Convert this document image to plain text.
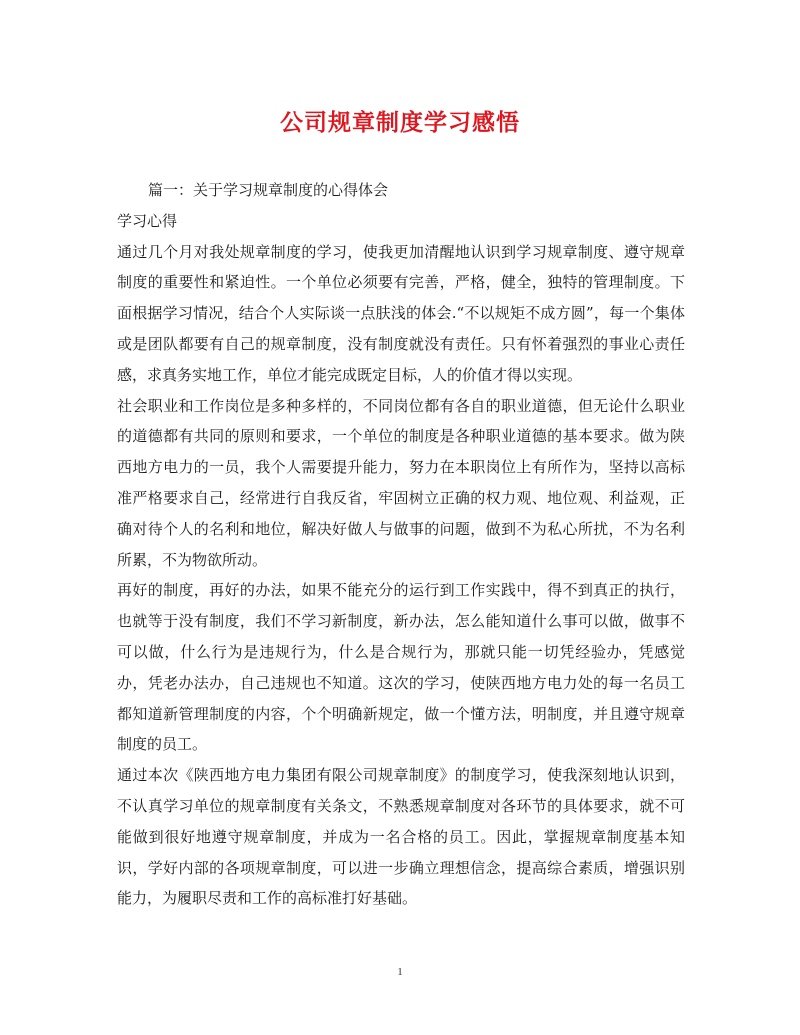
公司规章制度学习感悟

篇一：关于学习规章制度的心得体会

学习心得

通过几个月对我处规章制度的学习，使我更加清醒地认识到学习规章制度、遵守规章制度的重要性和紧迫性。一个单位必须要有完善，严格，健全，独特的管理制度。下面根据学习情况，结合个人实际谈一点肤浅的体会.“不以规矩不成方圆”，每一个集体或是团队都要有自己的规章制度，没有制度就没有责任。只有怀着强烈的事业心责任感，求真务实地工作，单位才能完成既定目标，人的价值才得以实现。

社会职业和工作岗位是多种多样的，不同岗位都有各自的职业道德，但无论什么职业的道德都有共同的原则和要求，一个单位的制度是各种职业道德的基本要求。做为陕西地方电力的一员，我个人需要提升能力，努力在本职岗位上有所作为，坚持以高标准严格要求自己，经常进行自我反省，牢固树立正确的权力观、地位观、利益观，正确对待个人的名利和地位，解决好做人与做事的问题，做到不为私心所扰，不为名利所累，不为物欲所动。

再好的制度，再好的办法，如果不能充分的运行到工作实践中，得不到真正的执行，也就等于没有制度，我们不学习新制度，新办法，怎么能知道什么事可以做，做事不可以做，什么行为是违规行为，什么是合规行为，那就只能一切凭经验办，凭感觉办，凭老办法办，自己违规也不知道。这次的学习，使陕西地方电力处的每一名员工都知道新管理制度的内容，个个明确新规定，做一个懂方法，明制度，并且遵守规章制度的员工。

通过本次《陕西地方电力集团有限公司规章制度》的制度学习，使我深刻地认识到，不认真学习单位的规章制度有关条文，不熟悉规章制度对各环节的具体要求，就不可能做到很好地遵守规章制度，并成为一名合格的员工。因此，掌握规章制度基本知识，学好内部的各项规章制度，可以进一步确立理想信念，提高综合素质，增强识别能力，为履职尽责和工作的高标准打好基础。

1
